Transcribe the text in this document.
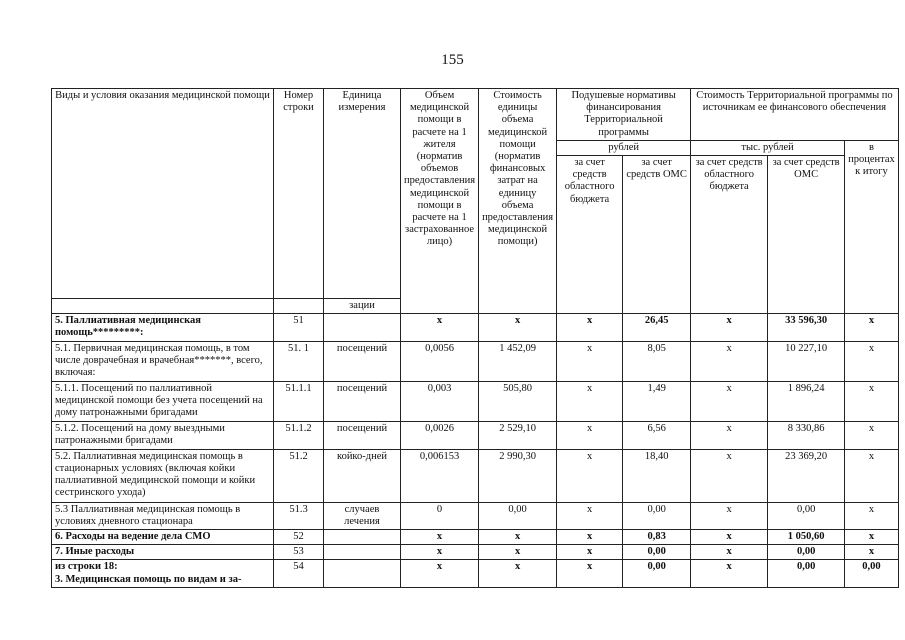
155
Виды и условия оказания медицинской помощи	Номер строки	Единица измерения	Объем медицинской помощи в расчете на 1 жителя (норматив объемов предоставления медицинской помощи в расчете на 1 застрахованное лицо)	Стоимость единицы объема медицинской помощи (норматив финансовых затрат на единицу объема предоставления медицинской помощи)	Подушевые нормативы финансирования Территориальной программы		Стоимость Территориальной программы по источникам ее финансового обеспечения		
					рублей		тыс. рублей		в процентах к итогу
					за счет средств областного бюджета	за счет средств ОМС	за счет средств областного бюджета	за счет средств ОМС	
		зации							
5. Паллиативная медицинская помощь*********:	51		x	x	x	26,45	x	33 596,30	x
5.1. Первичная медицинская помощь, в том числе доврачебная и врачебная*******, всего, включая:	51. 1	посещений	0,0056	1 452,09	x	8,05	x	10 227,10	x
5.1.1. Посещений по паллиативной медицинской помощи без учета посещений на дому патронажными бригадами	51.1.1	посещений	0,003	505,80	x	1,49	x	1 896,24	x
5.1.2. Посещений на дому выездными патронажными бригадами	51.1.2	посещений	0,0026	2 529,10	x	6,56	x	8 330,86	x
5.2. Паллиативная медицинская помощь в стационарных условиях (включая койки паллиативной медицинской помощи и койки сестринского ухода)	51.2	койко-дней	0,006153	2 990,30	x	18,40	x	23 369,20	x
5.3 Паллиативная медицинская помощь в условиях дневного стационара	51.3	случаев лечения	0	0,00	x	0,00	x	0,00	x
6. Расходы на ведение дела СМО	52		x	x	x	0,83	x	1 050,60	x
7. Иные расходы	53		x	x	x	0,00	x	0,00	x
из строки 18:
3. Медицинская помощь по видам и за-	54		x	x	x	0,00	x	0,00	0,00
